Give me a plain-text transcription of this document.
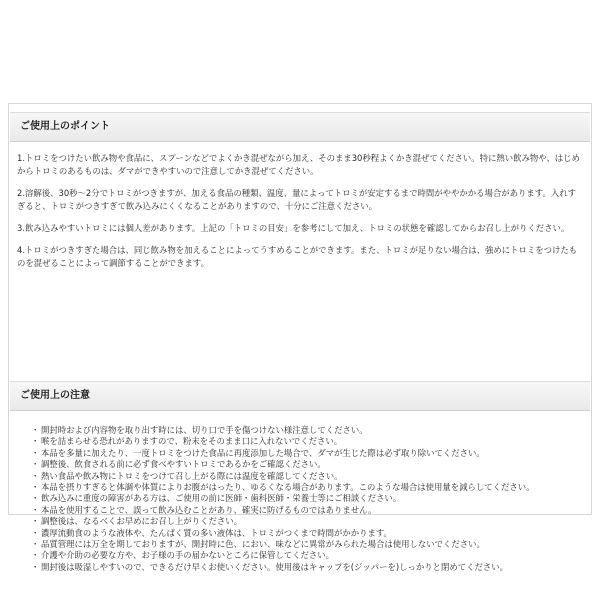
ご使用上のポイント
1.トロミをつけたい飲み物や食品に、スプーンなどでよくかき混ぜながら加え、そのまま30秒程よくかき混ぜてください。特に熱い飲み物や、はじめからトロミのあるものは、ダマができやすいので注意してかき混ぜてください。
2.溶解後、30秒～2分でトロミがつきますが、加える食品の種類、温度、量によってトロミが安定するまで時間がややかかる場合があります。入れすぎると、トロミがつきすぎて飲み込みにくくなることがありますので、十分にご注意ください。
3.飲み込みやすいトロミには個人差があります。上記の「トロミの目安」を参考にして加え、トロミの状態を確認してからお召し上がりください。
4.トロミがつきすぎた場合は、同じ飲み物を加えることによってうすめることができます。また、トロミが足りない場合は、強めにトロミをつけたものを混ぜることによって調節することができます。
ご使用上の注意
・ 開封時および内容物を取り出す時には、切り口で手を傷つけない様注意してください。
・ 喉を詰まらせる恐れがありますので、粉末をそのまま口に入れないでください。
・ 本品を多量に加えたり、一度トロミをつけた食品に再度添加した場合で、ダマが生じた際は必ず取り除いてください。
・ 調整後、飲食される前に必ず食べやすいトロミであるかをご確認ください。
・ 熱い食品や飲み物にトロミをつけて召し上がる際には温度を確認してください。
・ 本品を摂りすぎると体調や体質によりお腹がはったり、ゆるくなる場合があります。このような場合は使用量を減らしてください。
・ 飲み込みに重度の障害がある方は、ご使用の前に医師・歯科医師・栄養士等にご相談ください。
・ 本品を使用することで、誤って飲み込むことがあり、確実に防げるものではありません。
・ 調整後は、なるべくお早めにお召し上がりください。
・ 濃厚流動食のような液体や、たんぱく質の多い液体は、トロミがつくまで時間がかかります。
・ 品質管理には万全を期しておりますが、開封時に色、におい、味などに異常がみられた場合は使用しないでください。
・ 介護や介助の必要な方や、お子様の手の届かないところに保管してください。
・ 開封後は吸湿しやすいので、できるだけ早くお使いください。使用後はキャップを(ジッパーを)しっかりと閉めてください。
